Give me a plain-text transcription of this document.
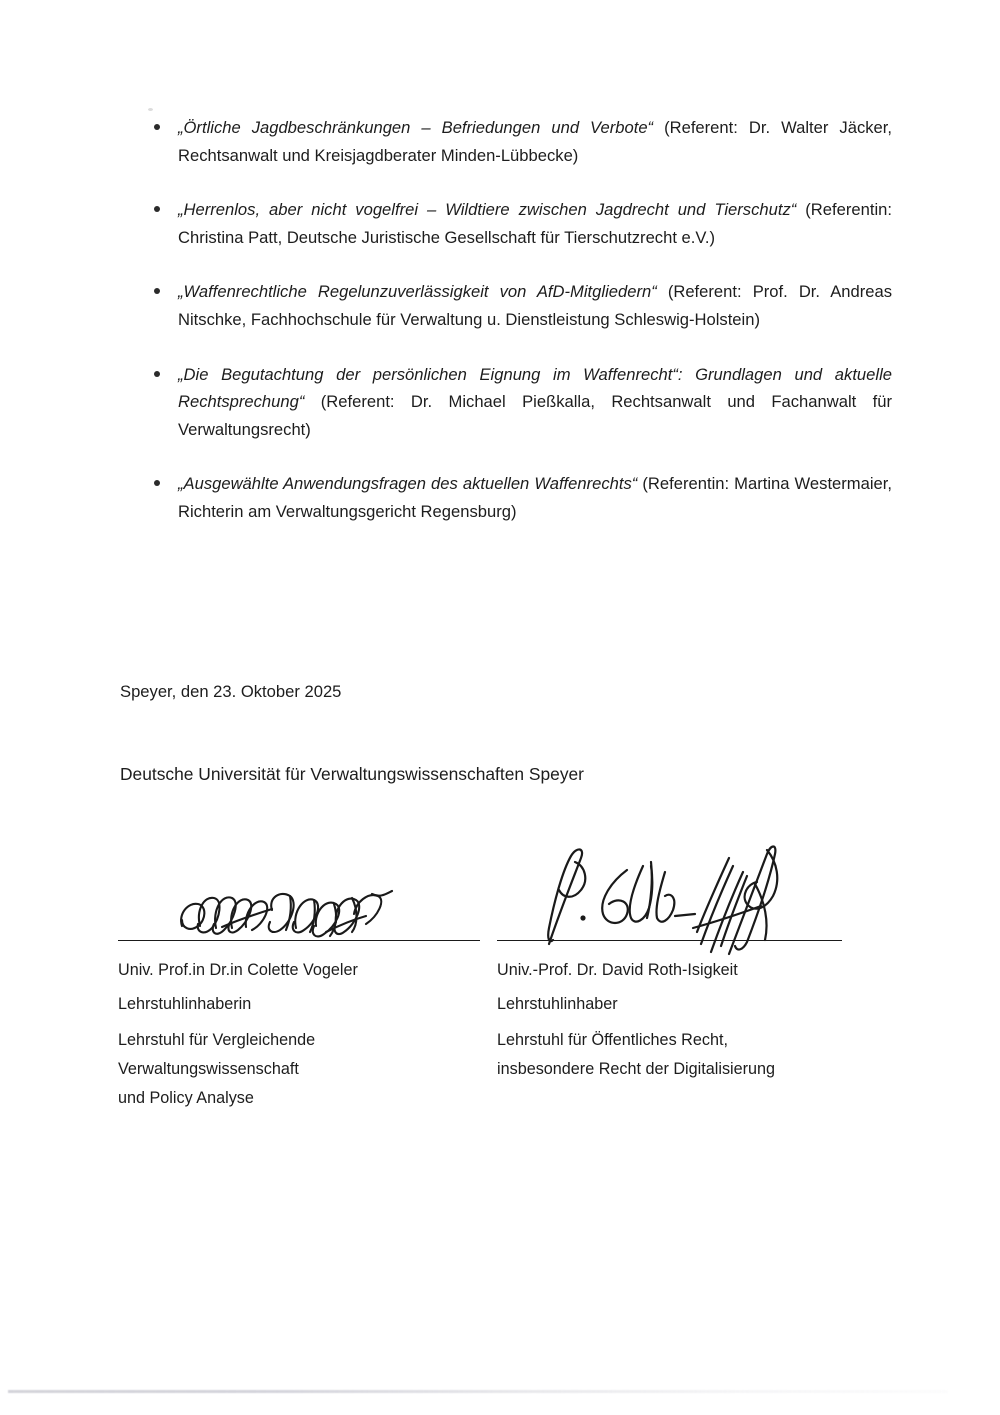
„Örtliche Jagdbeschränkungen – Befriedungen und Verbote“ (Referent: Dr. Walter Jäcker, Rechtsanwalt und Kreisjagdberater Minden-Lübbecke)
„Herrenlos, aber nicht vogelfrei – Wildtiere zwischen Jagdrecht und Tierschutz“ (Referentin: Christina Patt, Deutsche Juristische Gesellschaft für Tierschutzrecht e.V.)
„Waffenrechtliche Regelunzuverlässigkeit von AfD-Mitgliedern“ (Referent: Prof. Dr. Andreas Nitschke, Fachhochschule für Verwaltung u. Dienstleistung Schleswig-Holstein)
„Die Begutachtung der persönlichen Eignung im Waffenrecht“: Grundlagen und aktuelle Rechtsprechung“ (Referent: Dr. Michael Pießkalla, Rechtsanwalt und Fachanwalt für Verwaltungsrecht)
„Ausgewählte Anwendungsfragen des aktuellen Waffenrechts“ (Referentin: Martina Westermaier, Richterin am Verwaltungsgericht Regensburg)
Speyer, den 23. Oktober 2025
Deutsche Universität für Verwaltungswissenschaften Speyer
Univ. Prof.in Dr.in Colette Vogeler
Lehrstuhlinhaberin
Lehrstuhl für Vergleichende
Verwaltungswissenschaft
und Policy Analyse
Univ.-Prof. Dr. David Roth-Isigkeit
Lehrstuhlinhaber
Lehrstuhl für Öffentliches Recht,
insbesondere Recht der Digitalisierung
